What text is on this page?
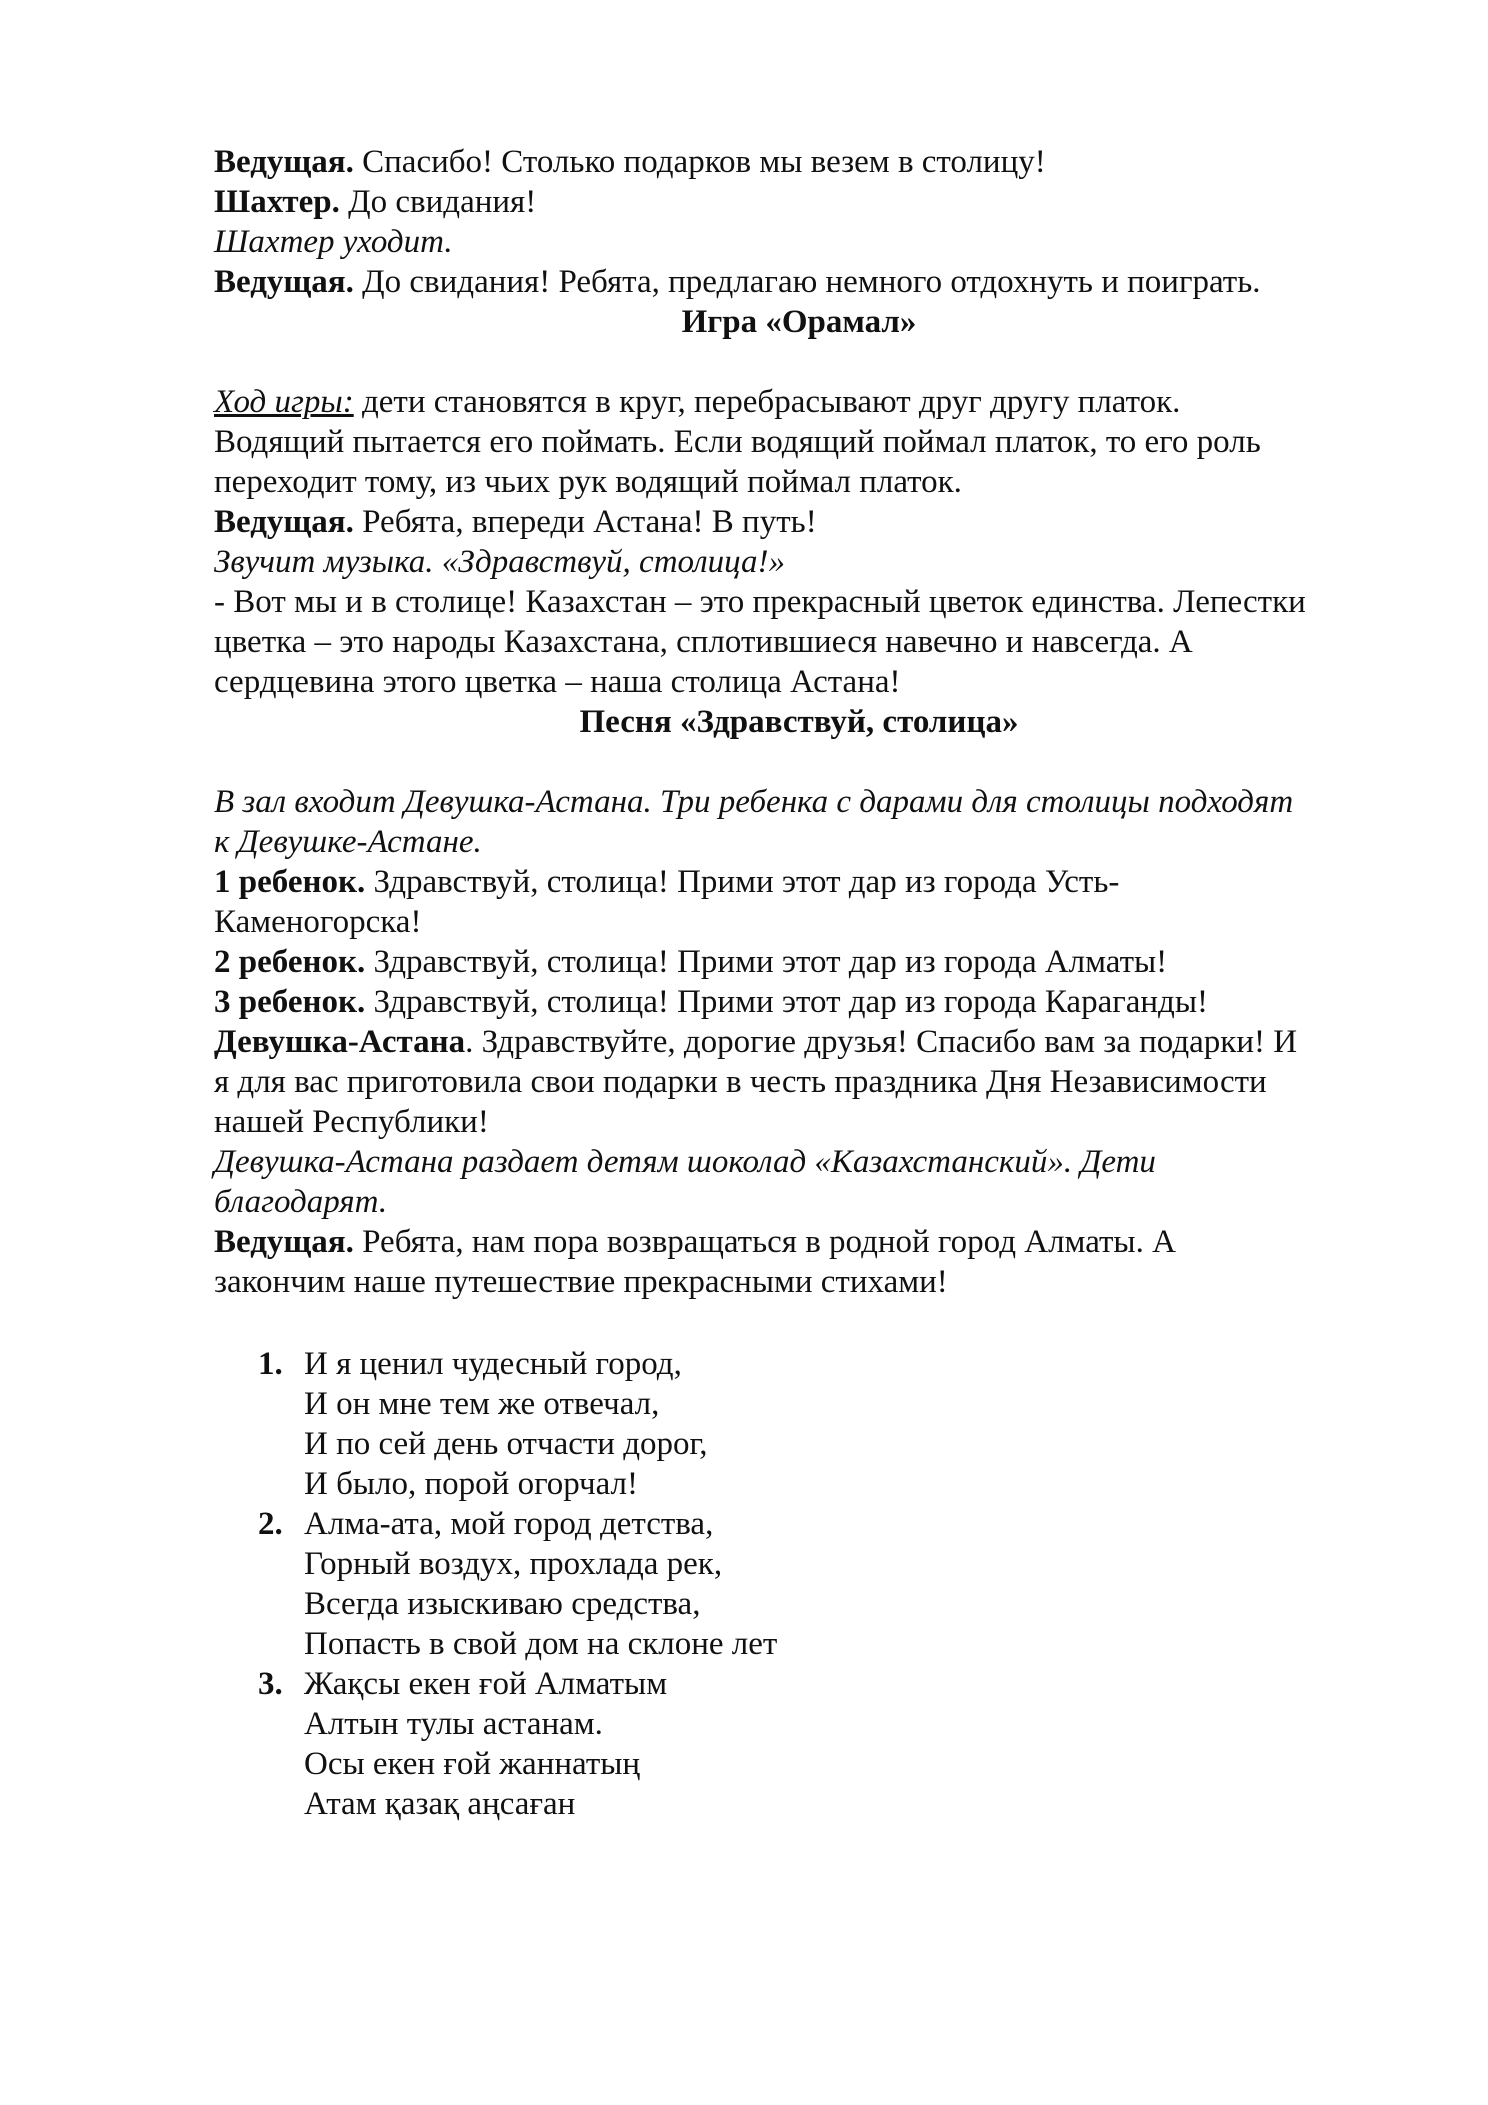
Ведущая. Спасибо! Столько подарков мы везем в столицу!

Шахтер. До свидания!

Шахтер уходит.

Ведущая. До свидания! Ребята, предлагаю немного отдохнуть и поиграть.

Игра «Орамал»

Ход игры: дети становятся в круг, перебрасывают друг другу платок.

Водящий пытается его поймать. Если водящий поймал платок, то его роль

переходит тому, из чьих рук водящий поймал платок.

Ведущая. Ребята, впереди Астана! В путь!

Звучит музыка. «Здравствуй, столица!»

- Вот мы и в столице! Казахстан – это прекрасный цветок единства. Лепестки

цветка – это народы Казахстана, сплотившиеся навечно и навсегда. А

сердцевина этого цветка – наша столица Астана!

Песня «Здравствуй, столица»

В зал входит Девушка-Астана. Три ребенка с дарами для столицы подходят

к Девушке-Астане.

1 ребенок. Здравствуй, столица! Прими этот дар из города Усть-

Каменогорска!

2 ребенок. Здравствуй, столица! Прими этот дар из города Алматы!

3 ребенок. Здравствуй, столица! Прими этот дар из города Караганды!

Девушка-Астана. Здравствуйте, дорогие друзья! Спасибо вам за подарки! И

я для вас приготовила свои подарки в честь праздника Дня Независимости

нашей Республики!

Девушка-Астана раздает детям шоколад «Казахстанский». Дети

благодарят.

Ведущая. Ребята, нам пора возвращаться в родной город Алматы. А

закончим наше путешествие прекрасными стихами!

1. И я ценил чудесный город,

И он мне тем же отвечал,

И по сей день отчасти дорог,

И было, порой огорчал!

2. Алма-ата, мой город детства,

Горный воздух, прохлада рек,

Всегда изыскиваю средства,

Попасть в свой дом на склоне лет

3. Жақсы екен ғой Алматым

Алтын тулы астанам.

Осы екен ғой жаннатың

Атам қазақ аңсаған
